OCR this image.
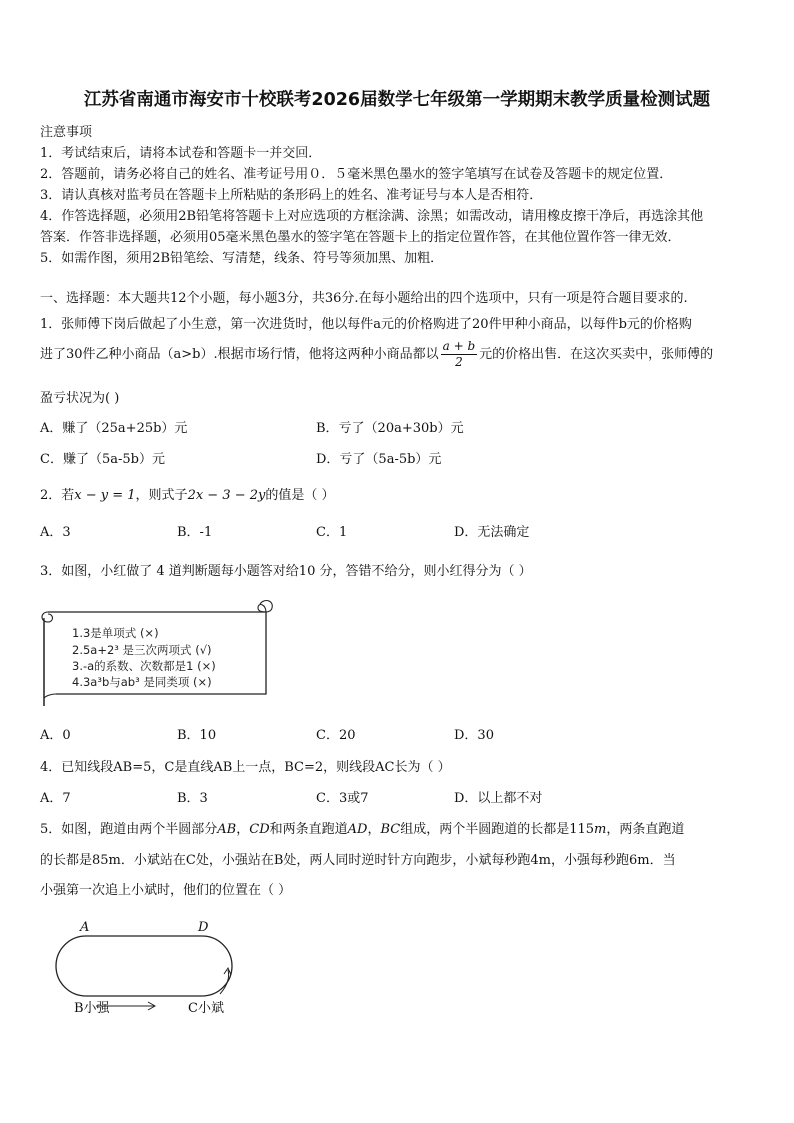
江苏省南通市海安市十校联考2026届数学七年级第一学期期末教学质量检测试题
注意事项
1．考试结束后，请将本试卷和答题卡一并交回．
2．答题前，请务必将自己的姓名、准考证号用０．５毫米黑色墨水的签字笔填写在试卷及答题卡的规定位置．
3．请认真核对监考员在答题卡上所粘贴的条形码上的姓名、准考证号与本人是否相符．
4．作答选择题，必须用2B铅笔将答题卡上对应选项的方框涂满、涂黑；如需改动，请用橡皮擦干净后，再选涂其他
答案．作答非选择题，必须用05毫米黑色墨水的签字笔在答题卡上的指定位置作答，在其他位置作答一律无效．
5．如需作图，须用2B铅笔绘、写清楚，线条、符号等须加黑、加粗．
一、选择题：本大题共12个小题，每小题3分，共36分.在每小题给出的四个选项中，只有一项是符合题目要求的.
1．张师傅下岗后做起了小生意，第一次进货时，他以每件a元的价格购进了20件甲种小商品，以每件b元的价格购
进了30件乙种小商品（a>b）.根据市场行情，他将这两种小商品都以 $\frac{a + b}{2}$ 元的价格出售．在这次买卖中，张师傅的
盈亏状况为( )
A．赚了（25a+25b）元	B．亏了（20a+30b）元
C．赚了（5a-5b）元	D．亏了（5a-5b）元
2．若x − y = 1，则式子2x − 3 − 2y的值是（ ）
A．3	B．-1	C．1	D．无法确定
3．如图，小红做了 4 道判断题每小题答对给10 分，答错不给分，则小红得分为（ ）
1.3是单项式 (×)
2.5a+2³ 是三次两项式 (√)
3.-a的系数、次数都是1 (×)
4.3a³b与ab³ 是同类项 (×)
A．0	B．10	C．20	D．30
4．已知线段AB=5，C是直线AB上一点，BC=2，则线段AC长为（ ）
A．7	B．3	C．3或7	D．以上都不对
5．如图，跑道由两个半圆部分AB，CD和两条直跑道AD，BC组成，两个半圆跑道的长都是115m，两条直跑道
的长都是85m．小斌站在C处，小强站在B处，两人同时逆时针方向跑步，小斌每秒跑4m，小强每秒跑6m．当
小强第一次追上小斌时，他们的位置在（ ）
A	D
B小强	C小斌
